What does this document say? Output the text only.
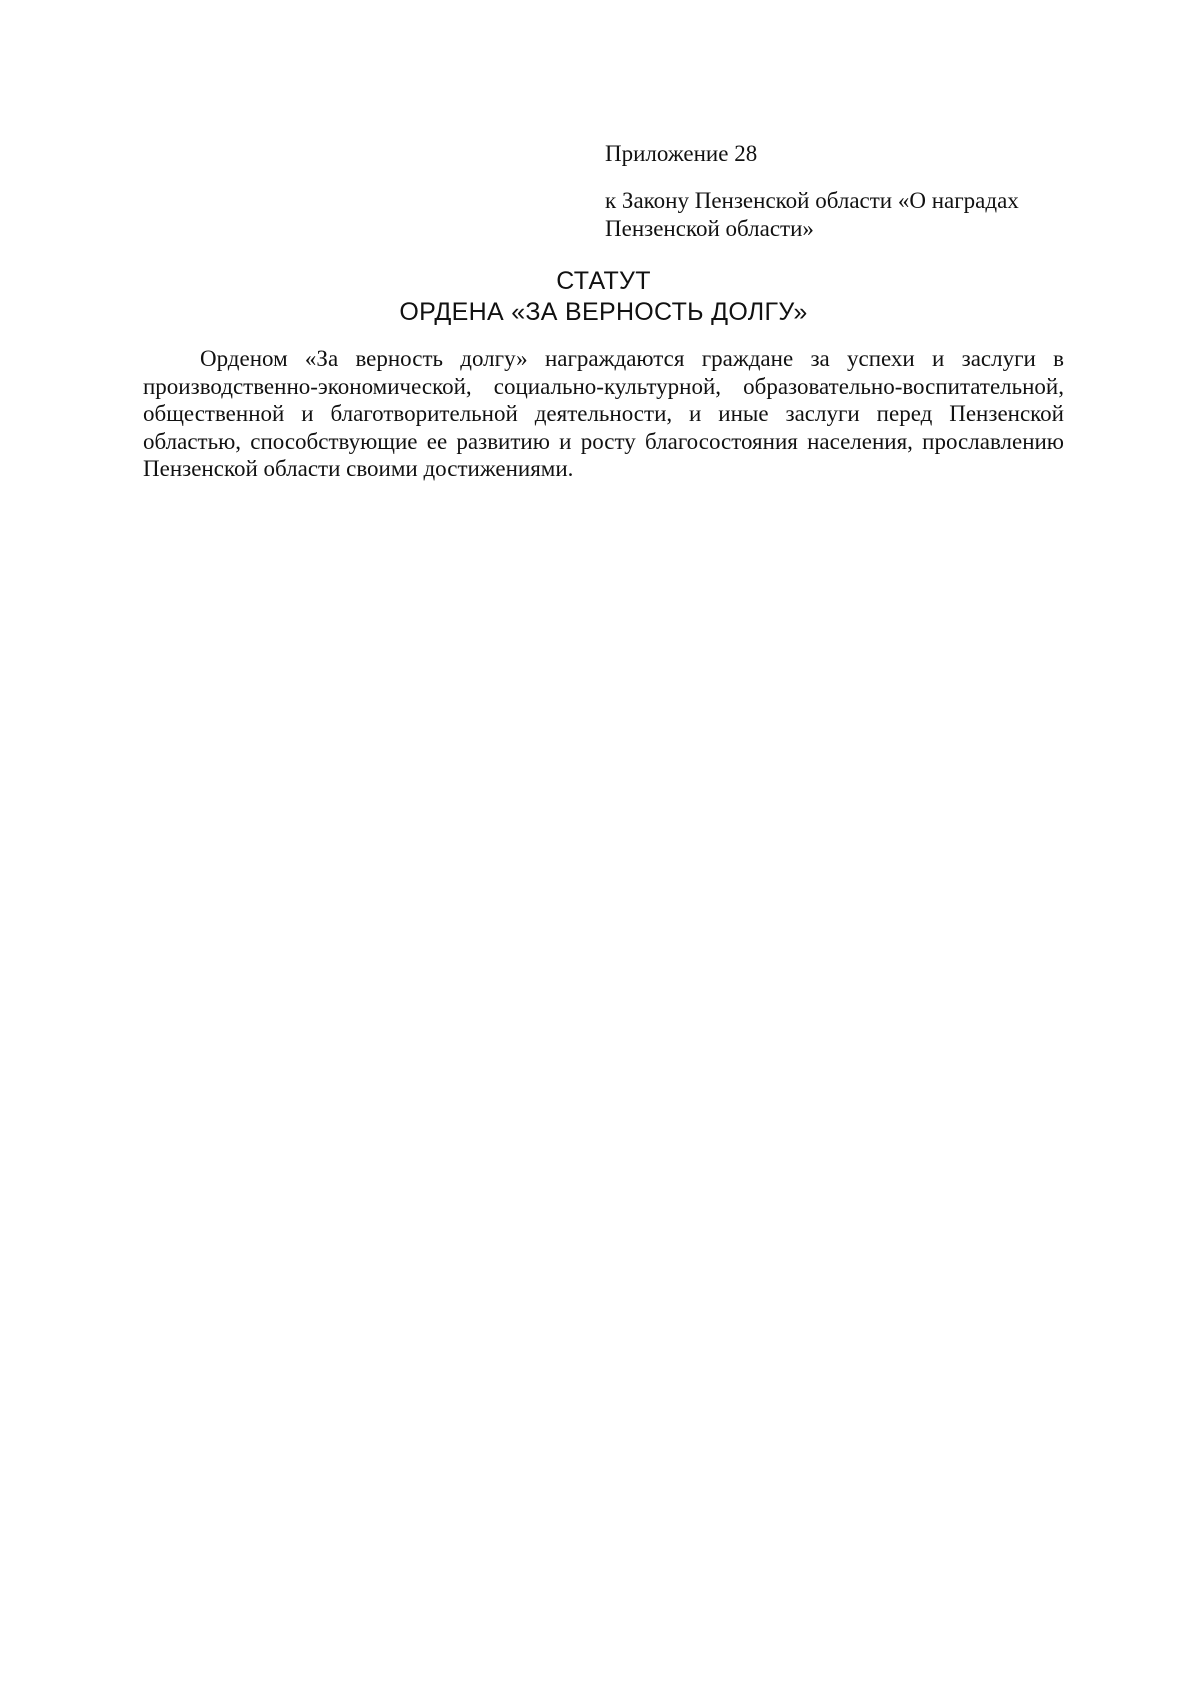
Приложение 28
к Закону Пензенской области «О наградах
Пензенской области»
СТАТУТ
ОРДЕНА «ЗА ВЕРНОСТЬ ДОЛГУ»

Орденом «За верность долгу» награждаются граждане за успехи и заслуги в производственно-экономической, социально-культурной, образовательно-воспитательной, общественной и благотворительной деятельности, и иные заслуги перед Пензенской областью, способствующие ее развитию и росту благосостояния населения, прославлению Пензенской области своими достижениями.
